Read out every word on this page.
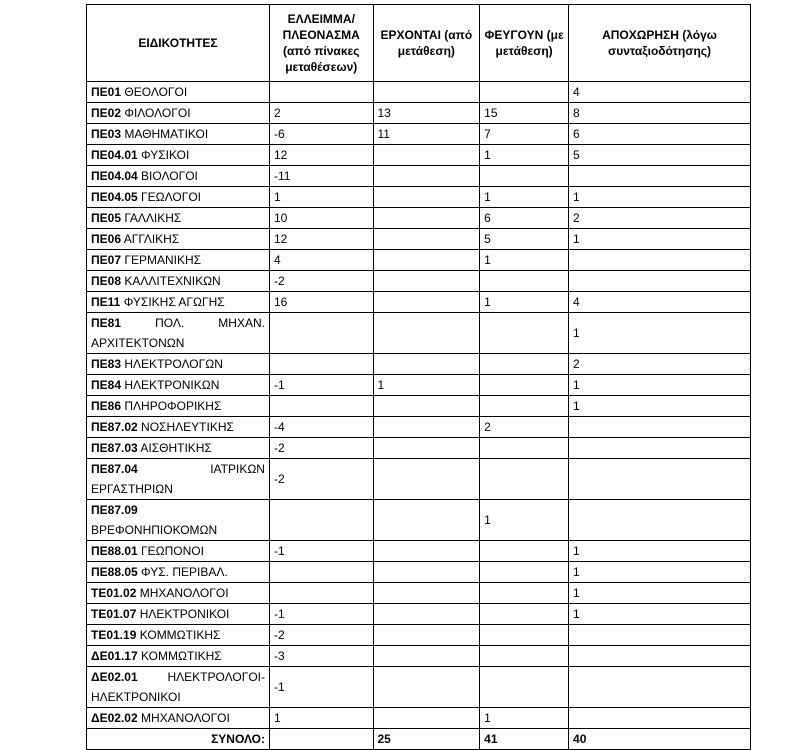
ΕΙΔΙΚΟΤΗΤΕΣ	ΕΛΛΕΙΜΜΑ/ ΠΛΕΟΝΑΣΜΑ (από πίνακες μεταθέσεων)	ΕΡΧΟΝΤΑΙ (από μετάθεση)	ΦΕΥΓΟΥΝ (με μετάθεση)	ΑΠΟΧΩΡΗΣΗ (λόγω συνταξιοδότησης)
ΠΕ01 ΘΕΟΛΟΓΟΙ				4
ΠΕ02 ΦΙΛΟΛΟΓΟΙ	2	13	15	8
ΠΕ03 ΜΑΘΗΜΑΤΙΚΟΙ	-6	11	7	6
ΠΕ04.01 ΦΥΣΙΚΟΙ	12		1	5
ΠΕ04.04 ΒΙΟΛΟΓΟΙ	-11			
ΠΕ04.05 ΓΕΩΛΟΓΟΙ	1		1	1
ΠΕ05 ΓΑΛΛΙΚΗΣ	10		6	2
ΠΕ06 ΑΓΓΛΙΚΗΣ	12		5	1
ΠΕ07 ΓΕΡΜΑΝΙΚΗΣ	4		1	
ΠΕ08 ΚΑΛΛΙΤΕΧΝΙΚΩΝ	-2			
ΠΕ11 ΦΥΣΙΚΗΣ ΑΓΩΓΗΣ	16		1	4
ΠΕ81 ΠΟΛ. ΜΗΧΑΝ. ΑΡΧΙΤΕΚΤΟΝΩΝ				1
ΠΕ83 ΗΛΕΚΤΡΟΛΟΓΩΝ				2
ΠΕ84 ΗΛΕΚΤΡΟΝΙΚΩΝ	-1	1		1
ΠΕ86 ΠΛΗΡΟΦΟΡΙΚΗΣ				1
ΠΕ87.02 ΝΟΣΗΛΕΥΤΙΚΗΣ	-4		2	
ΠΕ87.03 ΑΙΣΘΗΤΙΚΗΣ	-2			
ΠΕ87.04 ΙΑΤΡΙΚΩΝ ΕΡΓΑΣΤΗΡΙΩΝ	-2			
ΠΕ87.09 ΒΡΕΦΟΝΗΠΙΟΚΟΜΩΝ			1	
ΠΕ88.01 ΓΕΩΠΟΝΟΙ	-1			1
ΠΕ88.05 ΦΥΣ. ΠΕΡΙΒΑΛ.				1
ΤΕ01.02 ΜΗΧΑΝΟΛΟΓΟΙ				1
ΤΕ01.07 ΗΛΕΚΤΡΟΝΙΚΟΙ	-1			1
ΤΕ01.19 ΚΟΜΜΩΤΙΚΗΣ	-2			
ΔΕ01.17 ΚΟΜΜΩΤΙΚΗΣ	-3			
ΔΕ02.01 ΗΛΕΚΤΡΟΛΟΓΟΙ-ΗΛΕΚΤΡΟΝΙΚΟΙ	-1			
ΔΕ02.02 ΜΗΧΑΝΟΛΟΓΟΙ	1		1	
ΣΥΝΟΛΟ:		25	41	40
